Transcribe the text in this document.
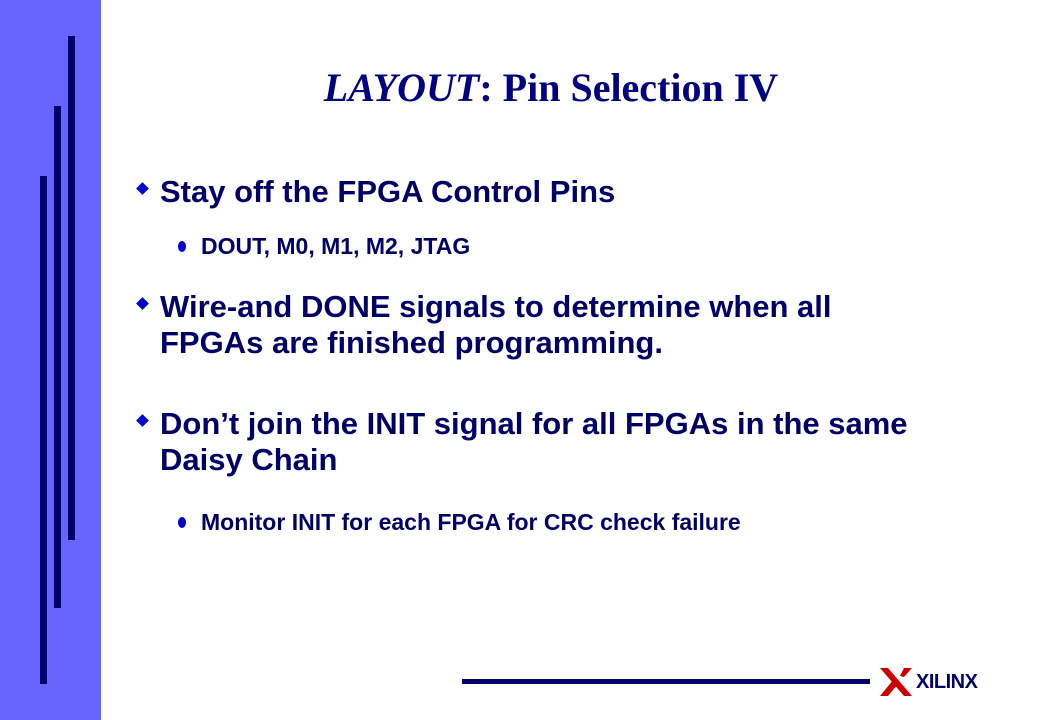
LAYOUT: Pin Selection IV

Stay off the FPGA Control Pins

DOUT, M0, M1, M2, JTAG

Wire-and DONE signals to determine when all FPGAs are finished programming.

Don’t join the INIT signal for all FPGAs in the same Daisy Chain

Monitor INIT for each FPGA for CRC check failure

XILINX
